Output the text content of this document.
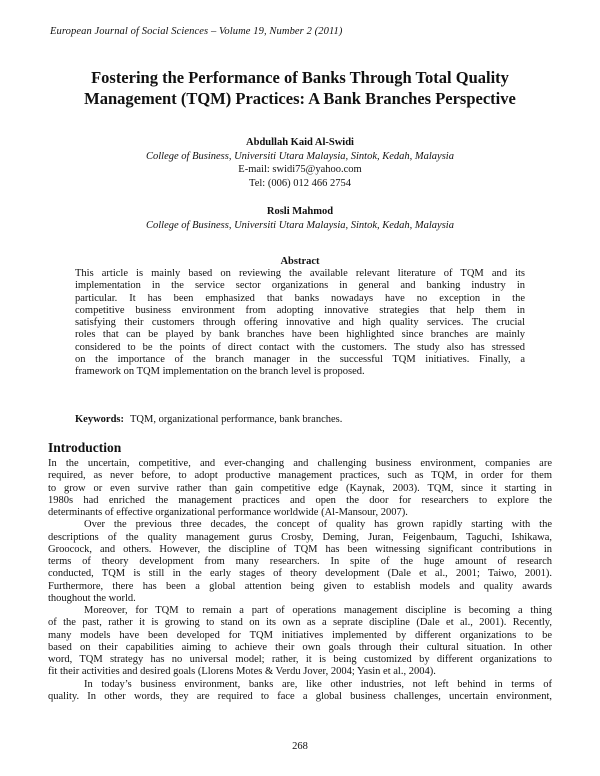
European Journal of Social Sciences – Volume 19, Number 2 (2011)
Fostering the Performance of Banks Through Total Quality
Management (TQM) Practices: A Bank Branches Perspective
Abdullah Kaid Al-Swidi
College of Business, Universiti Utara Malaysia, Sintok, Kedah, Malaysia
E-mail: swidi75@yahoo.com
Tel: (006) 012 466 2754
Rosli Mahmod
College of Business, Universiti Utara Malaysia, Sintok, Kedah, Malaysia
Abstract
This article is mainly based on reviewing the available relevant literature of TQM and its
implementation in the service sector organizations in general and banking industry in
particular. It has been emphasized that banks nowadays have no exception in the
competitive business environment from adopting innovative strategies that help them in
satisfying their customers through offering innovative and high quality services. The crucial
roles that can be played by bank branches have been highlighted since branches are mainly
considered to be the points of direct contact with the customers. The study also has stressed
on the importance of the branch manager in the successful TQM initiatives. Finally, a
framework on TQM implementation on the branch level is proposed.
Keywords: TQM, organizational performance, bank branches.
Introduction
In the uncertain, competitive, and ever-changing and challenging business environment, companies are
required, as never before, to adopt productive management practices, such as TQM, in order for them
to grow or even survive rather than gain competitive edge (Kaynak, 2003). TQM, since it starting in
1980s had enriched the management practices and open the door for researchers to explore the
determinants of effective organizational performance worldwide (Al-Mansour, 2007).
Over the previous three decades, the concept of quality has grown rapidly starting with the
descriptions of the quality management gurus Crosby, Deming, Juran, Feigenbaum, Taguchi, Ishikawa,
Groocock, and others. However, the discipline of TQM has been witnessing significant contributions in
terms of theory development from many researchers. In spite of the huge amount of research
conducted, TQM is still in the early stages of theory development (Dale et al., 2001; Taiwo, 2001).
Furthermore, there has been a global attention being given to establish models and quality awards
thoughout the world.
Moreover, for TQM to remain a part of operations management discipline is becoming a thing
of the past, rather it is growing to stand on its own as a seprate discipline (Dale et al., 2001). Recently,
many models have been developed for TQM initiatives implemented by different organizations to be
based on their capabilities aiming to achieve their own goals through their cultural situation. In other
word, TQM strategy has no universal model; rather, it is being customized by different organizations to
fit their activities and desired goals (Llorens Motes & Verdu Jover, 2004; Yasin et al., 2004).
In today’s business environment, banks are, like other industries, not left behind in terms of
quality. In other words, they are required to face a global business challenges, uncertain environment,
268
